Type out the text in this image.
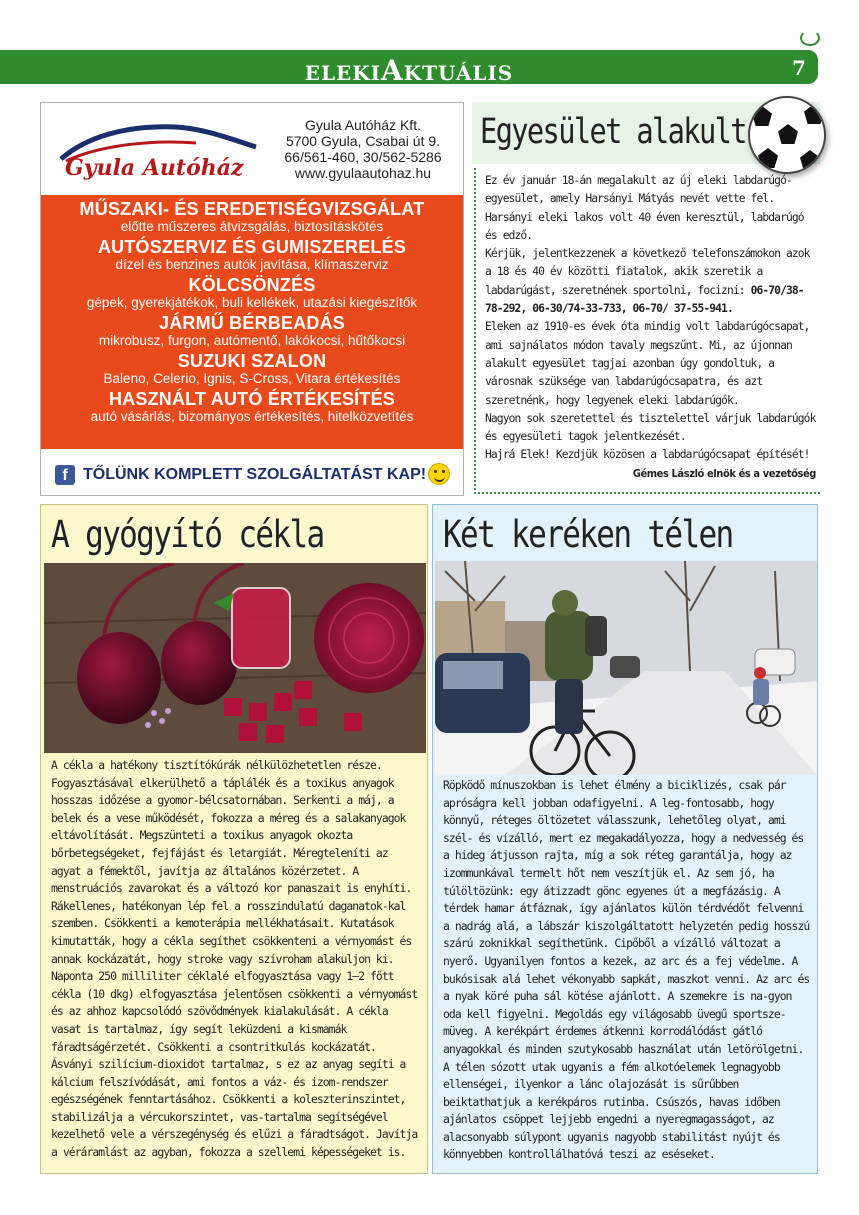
ELEKIAKTUÁLIS	7
Gyula Autóház
Gyula Autóház Kft.
5700 Gyula, Csabai út 9.
66/561-460, 30/562-5286
www.gyulaautohaz.hu
MŰSZAKI- ÉS EREDETISÉGVIZSGÁLAT
előtte műszeres átvizsgálás, biztosításkötés
AUTÓSZERVIZ ÉS GUMISZERELÉS
dízel és benzines autók javítása, klímaszerviz
KÖLCSÖNZÉS
gépek, gyerekjátékok, buli kellékek, utazási kiegészítők
JÁRMŰ BÉRBEADÁS
mikrobusz, furgon, autómentő, lakókocsi, hűtőkocsi
SUZUKI SZALON
Baleno, Celerio, Ignis, S-Cross, Vitara értékesítés
HASZNÁLT AUTÓ ÉRTÉKESÍTÉS
autó vásárlás, bizományos értékesítés, hitelközvetítés
f TŐLÜNK KOMPLETT SZOLGÁLTATÁST KAP!
Egyesület alakult

Ez év január 18-án megalakult az új eleki labdarúgó-egyesület, amely Harsányi Mátyás nevét vette fel. Harsányi eleki lakos volt 40 éven keresztül, labdarúgó és edző.

Kérjük, jelentkezzenek a következő telefonszámokon azok a 18 és 40 év közötti fiatalok, akik szeretik a labdarúgást, szeretnének sportolni, focizni: 06-70/38-78-292, 06-30/74-33-733, 06-70/ 37-55-941.

Eleken az 1910-es évek óta mindig volt labdarúgócsapat, ami sajnálatos módon tavaly megszűnt. Mi, az újonnan alakult egyesület tagjai azonban úgy gondoltuk, a városnak szüksége van labdarúgócsapatra, és azt szeretnénk, hogy legyenek eleki labdarúgók.

Nagyon sok szeretettel és tisztelettel várjuk labdarúgók és egyesületi tagok jelentkezését.

Hajrá Elek! Kezdjük közösen a labdarúgócsapat építését!

Gémes László elnök és a vezetőség

A gyógyító cékla
A cékla a hatékony tisztítókúrák nélkülözhetetlen része. Fogyasztásával elkerülhető a táplálék és a toxikus anyagok hosszas időzése a gyomor-bélcsatornában. Serkenti a máj, a belek és a vese működését, fokozza a méreg és a salakanyagok eltávolítását. Megszünteti a toxikus anyagok okozta bőrbetegségeket, fejfájást és letargiát. Méregteleníti az agyat a fémektől, javítja az általános közérzetet. A menstruációs zavarokat és a változó kor panaszait is enyhíti. Rákellenes, hatékonyan lép fel a rosszindulatú daganatok-kal szemben. Csökkenti a kemoterápia mellékhatásait. Kutatások kimutatták, hogy a cékla segíthet csökkenteni a vérnyomást és annak kockázatát, hogy stroke vagy szívroham alakuljon ki. Naponta 250 milliliter céklalé elfogyasztása vagy 1–2 főtt cékla (10 dkg) elfogyasztása jelentősen csökkenti a vérnyomást és az ahhoz kapcsolódó szövődmények kialakulását. A cékla vasat is tartalmaz, így segít leküzdeni a kismamák fáradtságérzetét. Csökkenti a csontritkulás kockázatát. Ásványi szilícium-dioxidot tartalmaz, s ez az anyag segíti a kálcium felszívódását, ami fontos a váz- és izom-rendszer egészségének fenntartásához. Csökkenti a koleszterinszintet, stabilizálja a vércukorszintet, vas-tartalma segítségével kezelhető vele a vérszegénység és elűzi a fáradtságot. Javítja a véráramlást az agyban, fokozza a szellemi képességeket is.
Két keréken télen
Röpködő mínuszokban is lehet élmény a biciklizés, csak pár apróságra kell jobban odafigyelni. A leg-fontosabb, hogy könnyű, réteges öltözetet válasszunk, lehetőleg olyat, ami szél- és vízálló, mert ez megakadályozza, hogy a nedvesség és a hideg átjusson rajta, míg a sok réteg garantálja, hogy az izommunkával termelt hőt nem veszítjük el. Az sem jó, ha túlöltözünk: egy átizzadt gönc egyenes út a megfázásig. A térdek hamar átfáznak, így ajánlatos külön térdvédőt felvenni a nadrág alá, a lábszár kiszolgáltatott helyzetén pedig hosszú szárú zoknikkal segíthetünk. Cipőből a vízálló változat a nyerő. Ugyanilyen fontos a kezek, az arc és a fej védelme. A bukósisak alá lehet vékonyabb sapkát, maszkot venni. Az arc és a nyak köré puha sál kötése ajánlott. A szemekre is na-gyon oda kell figyelni. Megoldás egy világosabb üvegű sportsze-müveg. A kerékpárt érdemes átkenni korrodálódást gátló anyagokkal és minden szutykosabb használat után letörölgetni. A télen sózott utak ugyanis a fém alkotóelemek legnagyobb ellenségei, ilyenkor a lánc olajozását is sűrűbben beiktathatjuk a kerékpáros rutinba. Csúszós, havas időben ajánlatos csöppet lejjebb engedni a nyeregmagasságot, az alacsonyabb súlypont ugyanis nagyobb stabilitást nyújt és könnyebben kontrollálhatóvá teszi az eséseket.
